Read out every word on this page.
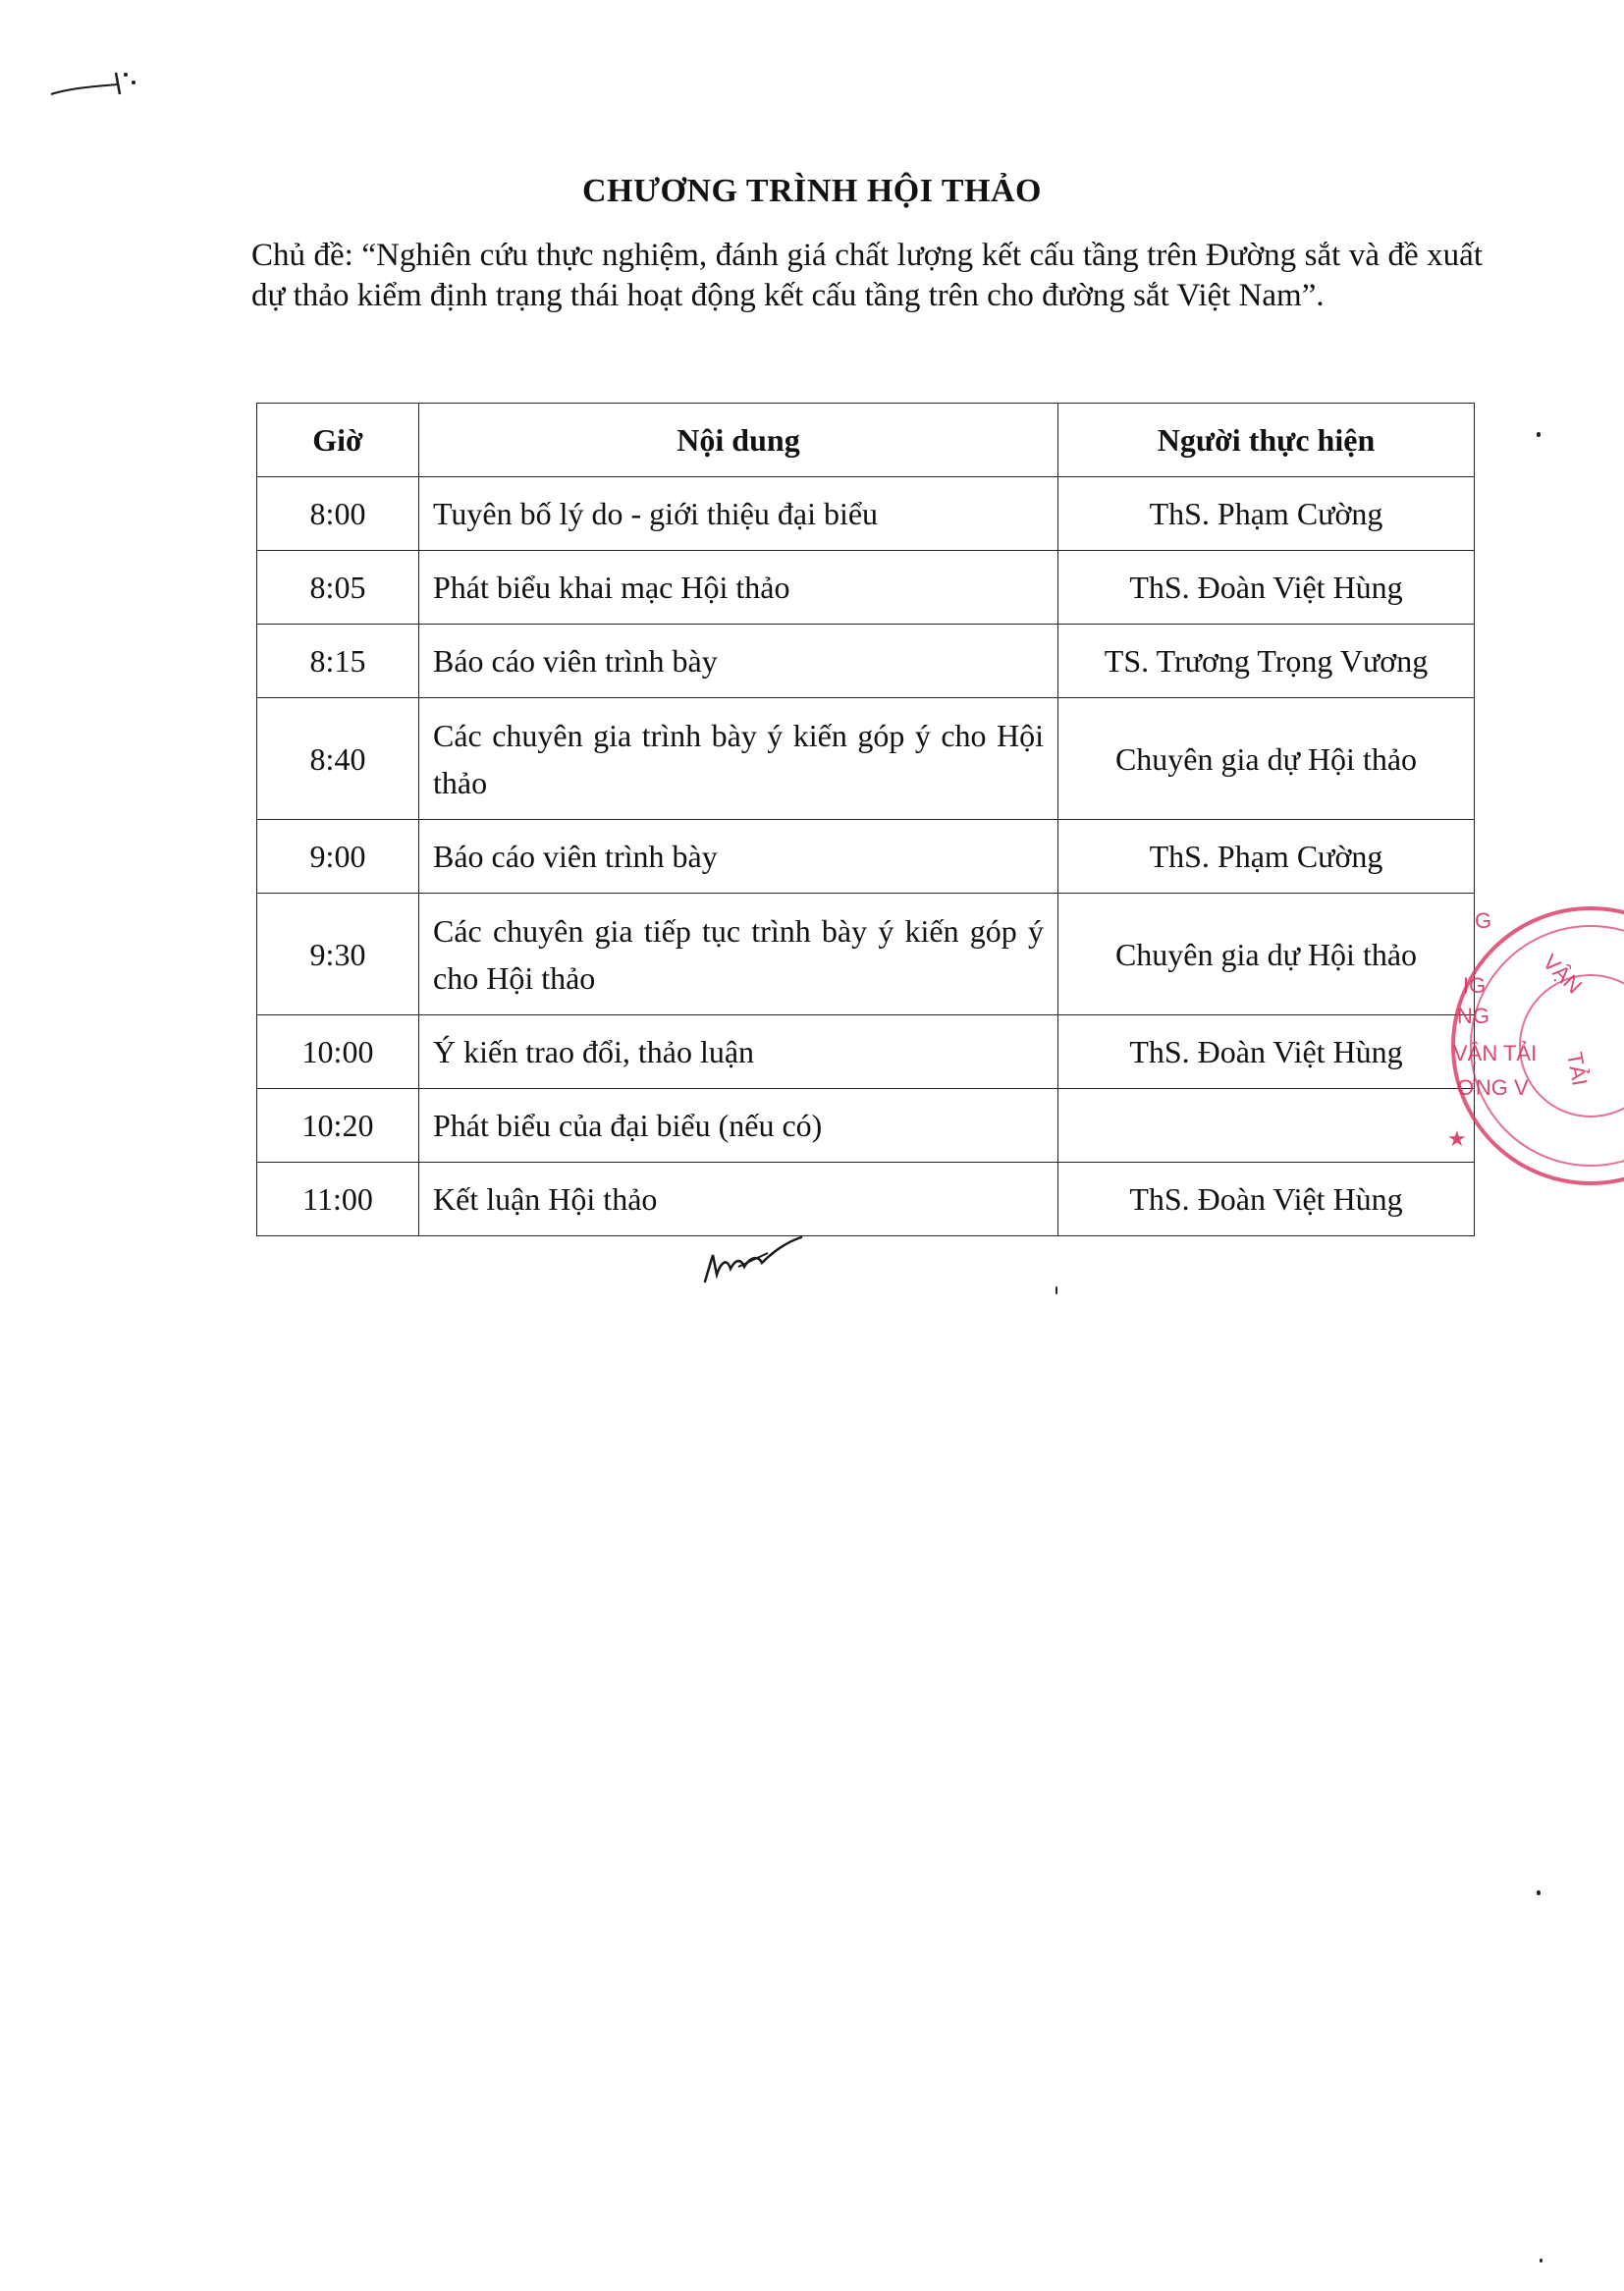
CHƯƠNG TRÌNH HỘI THẢO

Chủ đề: “Nghiên cứu thực nghiệm, đánh giá chất lượng kết cấu tầng trên Đường sắt và đề xuất dự thảo kiểm định trạng thái hoạt động kết cấu tầng trên cho đường sắt Việt Nam”.

Giờ	Nội dung	Người thực hiện
8:00	Tuyên bố lý do - giới thiệu đại biểu	ThS. Phạm Cường
8:05	Phát biểu khai mạc Hội thảo	ThS. Đoàn Việt Hùng
8:15	Báo cáo viên trình bày	TS. Trương Trọng Vương
8:40	Các chuyên gia trình bày ý kiến góp ý cho Hội thảo	Chuyên gia dự Hội thảo
9:00	Báo cáo viên trình bày	ThS. Phạm Cường
9:30	Các chuyên gia tiếp tục trình bày ý kiến góp ý cho Hội thảo	Chuyên gia dự Hội thảo
10:00	Ý kiến trao đổi, thảo luận	ThS. Đoàn Việt Hùng
10:20	Phát biểu của đại biểu (nếu có)	
11:00	Kết luận Hội thảo	ThS. Đoàn Việt Hùng
G
VẬN
IG
NG
VẬN TẢI
ƠNG V TẢI
★
